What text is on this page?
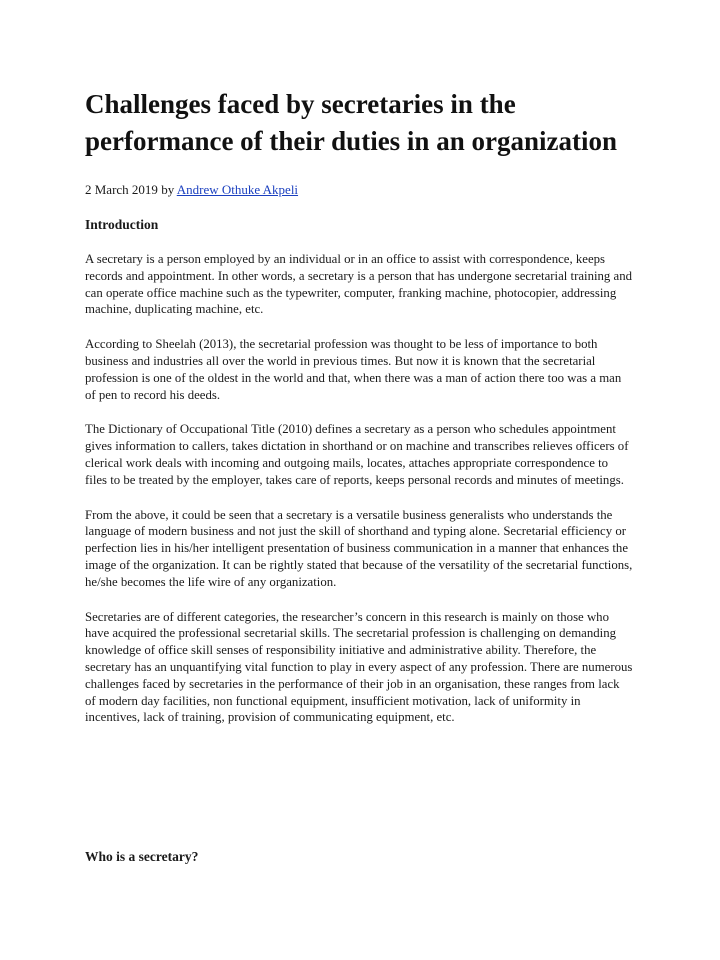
Challenges faced by secretaries in the performance of their duties in an organization
2 March 2019 by Andrew Othuke Akpeli
Introduction

A secretary is a person employed by an individual or in an office to assist with correspondence, keeps records and appointment. In other words, a secretary is a person that has undergone secretarial training and can operate office machine such as the typewriter, computer, franking machine, photocopier, addressing machine, duplicating machine, etc.

According to Sheelah (2013), the secretarial profession was thought to be less of importance to both business and industries all over the world in previous times. But now it is known that the secretarial profession is one of the oldest in the world and that, when there was a man of action there too was a man of pen to record his deeds.

The Dictionary of Occupational Title (2010) defines a secretary as a person who schedules appointment gives information to callers, takes dictation in shorthand or on machine and transcribes relieves officers of clerical work deals with incoming and outgoing mails, locates, attaches appropriate correspondence to files to be treated by the employer, takes care of reports, keeps personal records and minutes of meetings.

From the above, it could be seen that a secretary is a versatile business generalists who understands the language of modern business and not just the skill of shorthand and typing alone. Secretarial efficiency or perfection lies in his/her intelligent presentation of business communication in a manner that enhances the image of the organization. It can be rightly stated that because of the versatility of the secretarial functions, he/she becomes the life wire of any organization.

Secretaries are of different categories, the researcher’s concern in this research is mainly on those who have acquired the professional secretarial skills. The secretarial profession is challenging on demanding knowledge of office skill senses of responsibility initiative and administrative ability. Therefore, the secretary has an unquantifying vital function to play in every aspect of any profession. There are numerous challenges faced by secretaries in the performance of their job in an organisation, these ranges from lack of modern day facilities, non functional equipment, insufficient motivation, lack of uniformity in incentives, lack of training, provision of communicating equipment, etc.

Who is a secretary?
